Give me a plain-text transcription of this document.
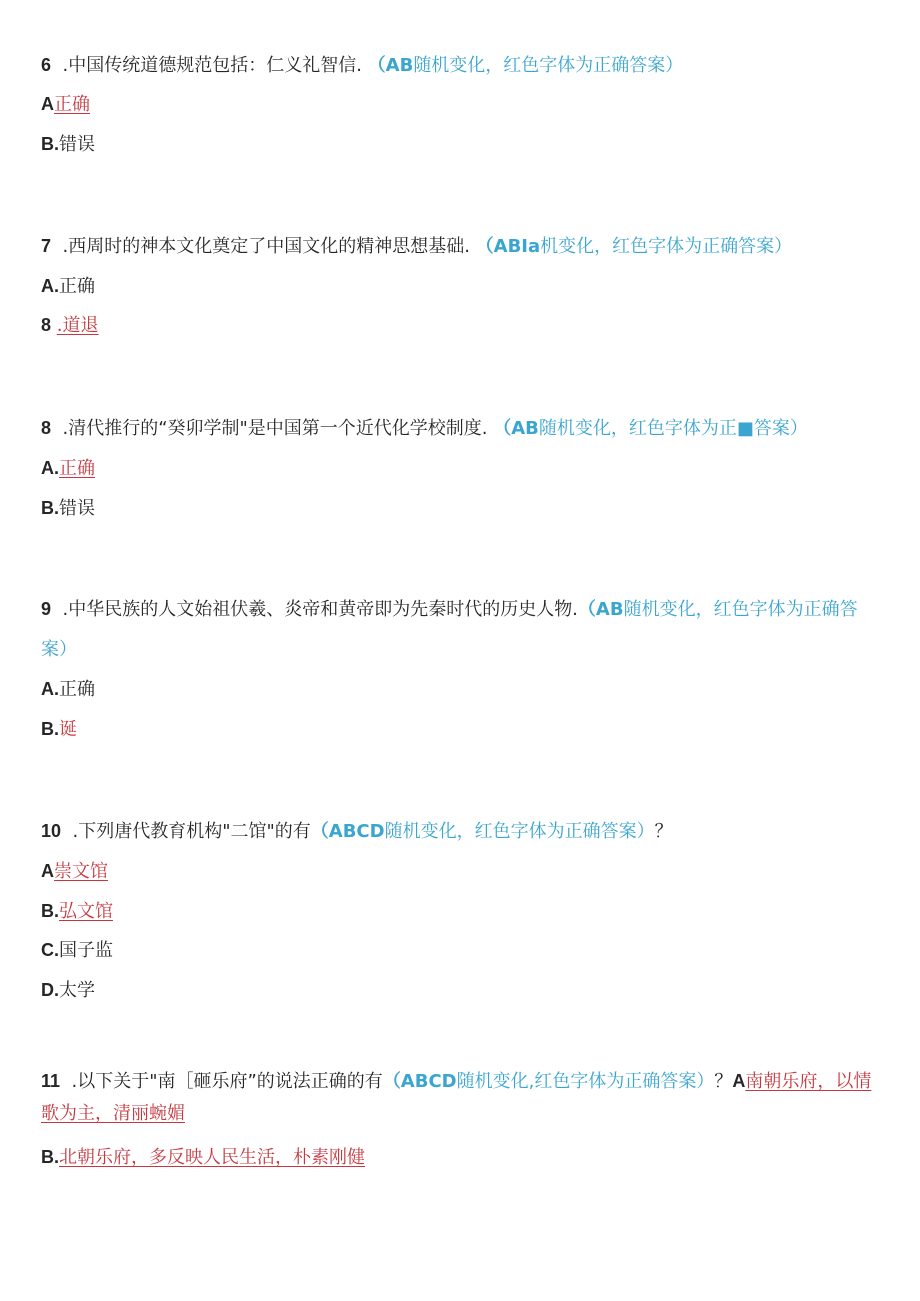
6 .中国传统道德规范包括：仁义礼智信. （AB随机变化，红色字体为正确答案）
A正确
B.错误
7 .西周时的神本文化奠定了中国文化的精神思想基础. （ABIa机变化，红色字体为正确答案）
A.正确
8 .道退
8 .清代推行的“癸卯学制"是中国第一个近代化学校制度. （AB随机变化，红色字体为正■答案）
A.正确
B.错误
9 .中华民族的人文始祖伏羲、炎帝和黄帝即为先秦时代的历史人物.（AB随机变化，红色字体为正确答案）
A.正确
B.诞
10 .下列唐代教育机构"二馆"的有（ABCD随机变化，红色字体为正确答案）？
A崇文馆
B.弘文馆
C.国子监
D.太学
11 .以下关于"南［砸乐府”的说法正确的有（ABCD随机变化,红色字体为正确答案）？A南朝乐府，以情歌为主，清丽蜿媚
B.北朝乐府，多反映人民生活，朴素刚健
